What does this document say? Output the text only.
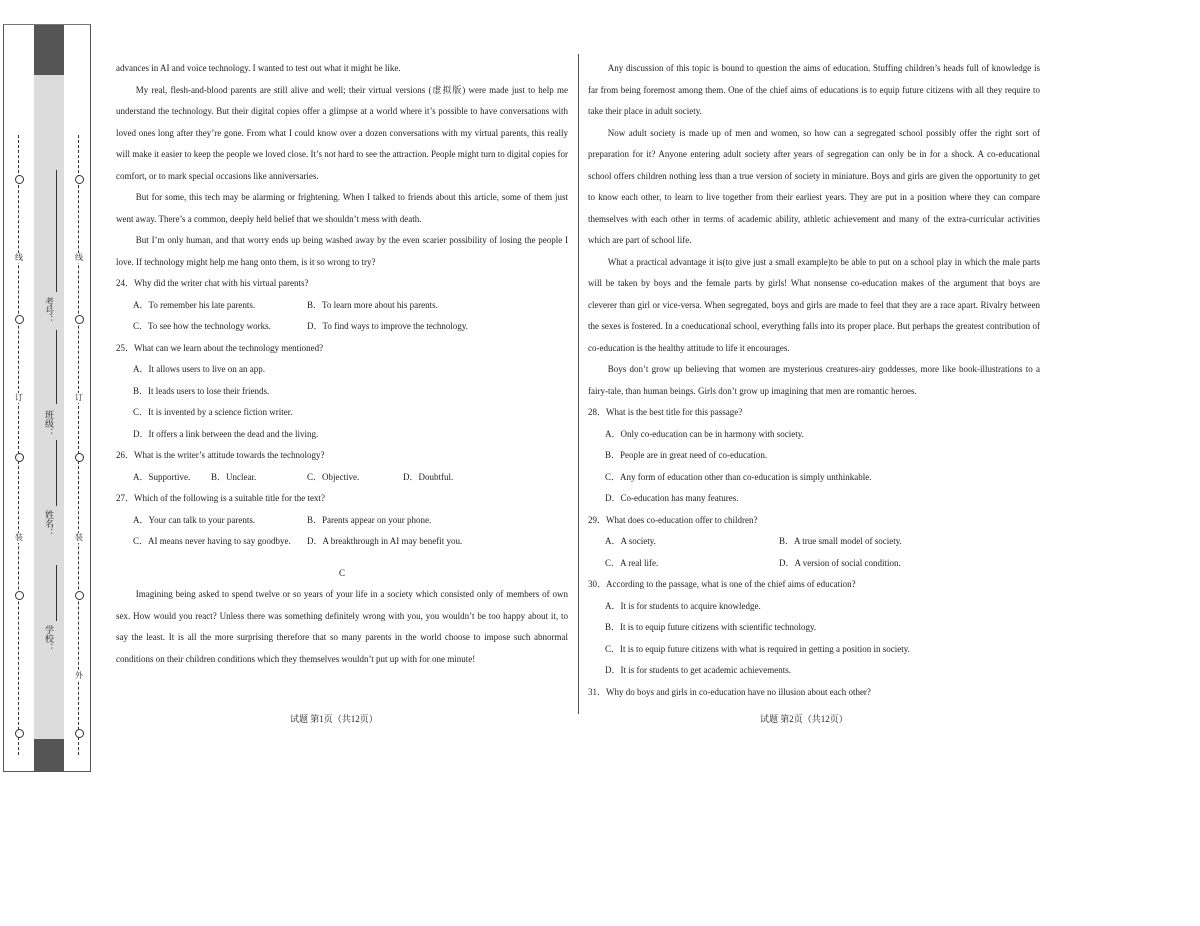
线
订
装
线
订
装
外
学校：
姓名：
班级：
考号：

advances in AI and voice technology. I wanted to test out what it might be like.

My real, flesh-and-blood parents are still alive and well; their virtual versions (虚拟版) were made just to help me understand the technology. But their digital copies offer a glimpse at a world where it’s possible to have conversations with loved ones long after they’re gone. From what I could know over a dozen conversations with my virtual parents, this really will make it easier to keep the people we loved close. It’s not hard to see the attraction. People might turn to digital copies for comfort, or to mark special occasions like anniversaries.

But for some, this tech may be alarming or frightening. When I talked to friends about this article, some of them just went away. There’s a common, deeply held belief that we shouldn’t mess with death.

But I’m only human, and that worry ends up being washed away by the even scarier possibility of losing the people I love. If technology might help me hang onto them, is it so wrong to try?

24．Why did the writer chat with his virtual parents?
A．To remember his late parents.	B．To learn more about his parents.
C．To see how the technology works.	D．To find ways to improve the technology.
25．What can we learn about the technology mentioned?
A．It allows users to live on an app.
B．It leads users to lose their friends.
C．It is invented by a science fiction writer.
D．It offers a link between the dead and the living.
26．What is the writer’s attitude towards the technology?
A．Supportive.	B．Unclear.	C．Objective.	D．Doubtful.
27．Which of the following is a suitable title for the text?
A．Your can talk to your parents.	B．Parents appear on your phone.
C．AI means never having to say goodbye.	D．A breakthrough in AI may benefit you.
C

Imagining being asked to spend twelve or so years of your life in a society which consisted only of members of own sex. How would you react? Unless there was something definitely wrong with you, you wouldn’t be too happy about it, to say the least. It is all the more surprising therefore that so many parents in the world choose to impose such abnormal conditions on their children conditions which they themselves wouldn’t put up with for one minute!

Any discussion of this topic is bound to question the aims of education. Stuffing children’s heads full of knowledge is far from being foremost among them. One of the chief aims of educations is to equip future citizens with all they require to take their place in adult society.

Now adult society is made up of men and women, so how can a segregated school possibly offer the right sort of preparation for it? Anyone entering adult society after years of segregation can only be in for a shock. A co-educational school offers children nothing less than a true version of society in miniature. Boys and girls are given the opportunity to get to know each other, to learn to live together from their earliest years. They are put in a position where they can compare themselves with each other in terms of academic ability, athletic achievement and many of the extra-curricular activities which are part of school life.

What a practical advantage it is(to give just a small example)to be able to put on a school play in which the male parts will be taken by boys and the female parts by girls! What nonsense co-education makes of the argument that boys are cleverer than girl or vice-versa. When segregated, boys and girls are made to feel that they are a race apart. Rivalry between the sexes is fostered. In a coeducational school, everything falls into its proper place. But perhaps the greatest contribution of co-education is the healthy attitude to life it encourages.

Boys don’t grow up believing that women are mysterious creatures-airy goddesses, more like book-illustrations to a fairy-tale, than human beings. Girls don’t grow up imagining that men are romantic heroes.

28．What is the best title for this passage?
A．Only co-education can be in harmony with society.
B．People are in great need of co-education.
C．Any form of education other than co-education is simply unthinkable.
D．Co-education has many features.
29．What does co-education offer to children?
A．A society.	B．A true small model of society.
C．A real life.	D．A version of social condition.
30．According to the passage, what is one of the chief aims of education?
A．It is for students to acquire knowledge.
B．It is to equip future citizens with scientific technology.
C．It is to equip future citizens with what is required in getting a position in society.
D．It is for students to get academic achievements.
31．Why do boys and girls in co-education have no illusion about each other?
试题 第1页（共12页）	试题 第2页（共12页）
